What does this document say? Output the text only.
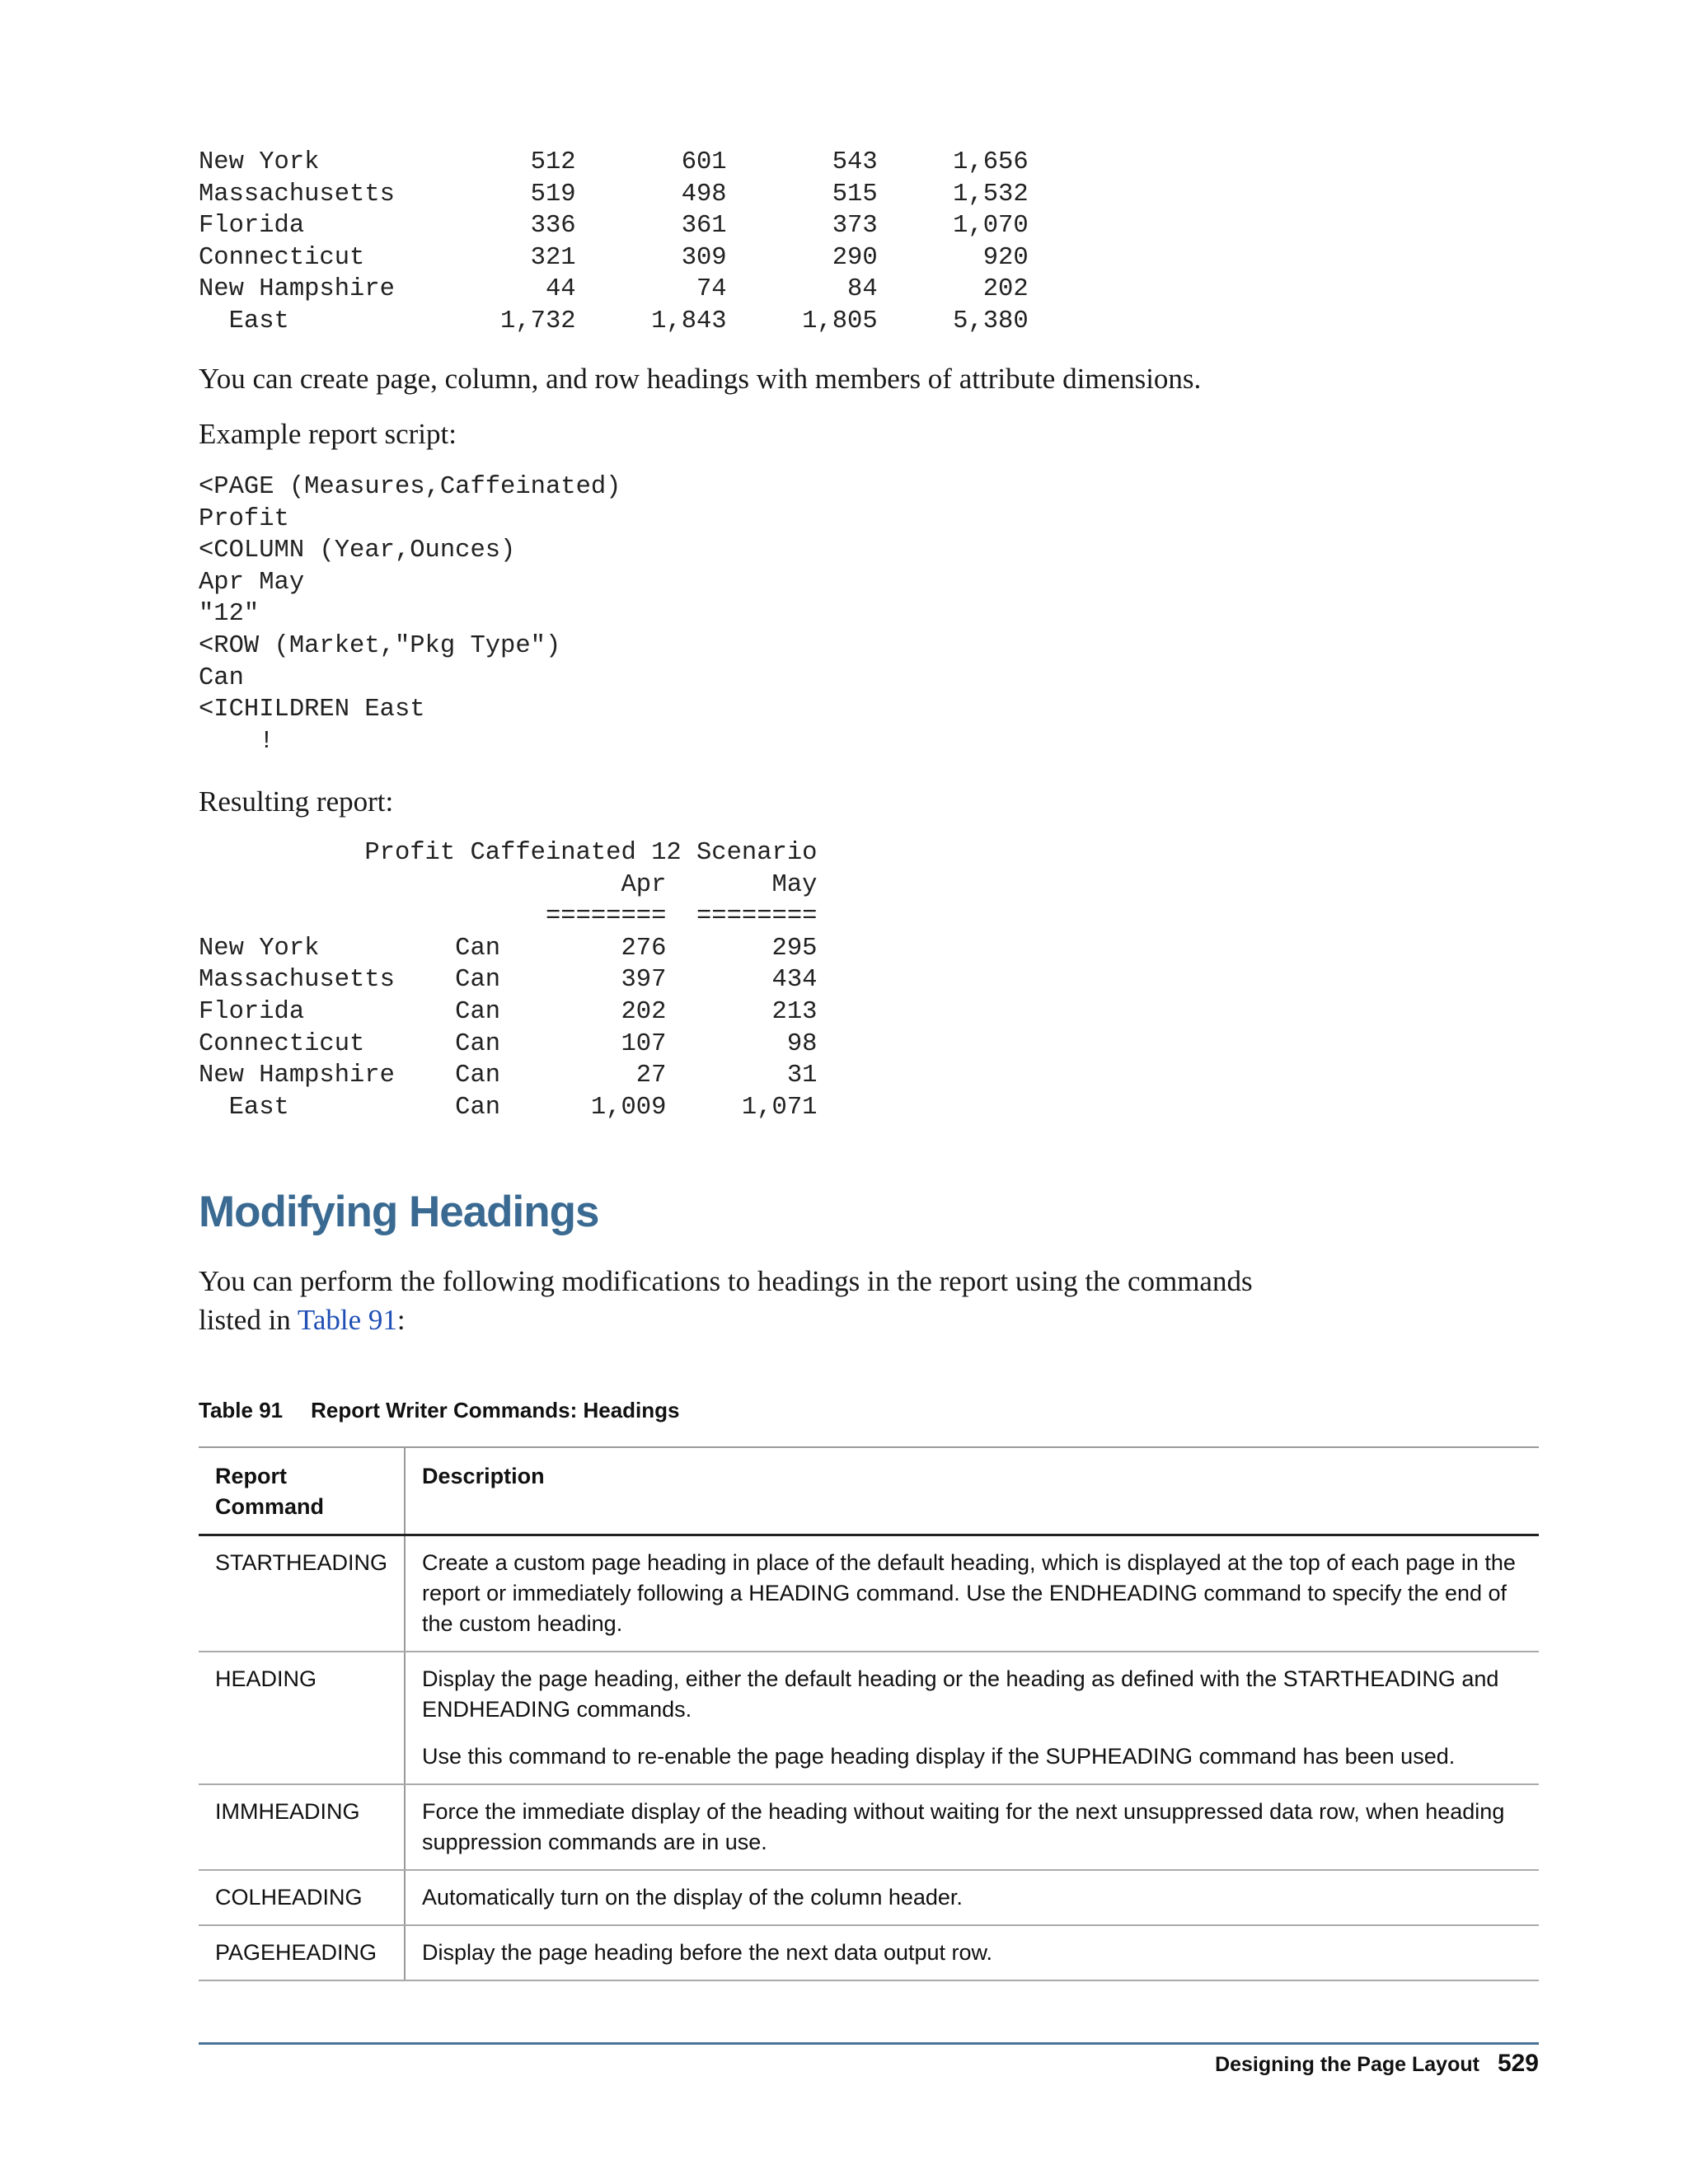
New York              512       601       543     1,656
Massachusetts         519       498       515     1,532
Florida               336       361       373     1,070
Connecticut           321       309       290       920
New Hampshire          44        74        84       202
East              1,732     1,843     1,805     5,380

You can create page, column, and row headings with members of attribute dimensions.

Example report script:

<PAGE (Measures,Caffeinated)
Profit
<COLUMN (Year,Ounces)
Apr May
"12"
<ROW (Market,"Pkg Type")
Can
<ICHILDREN East
!

Resulting report:

Profit Caffeinated 12 Scenario
Apr       May
========  ========
New York         Can        276       295
Massachusetts    Can        397       434
Florida          Can        202       213
Connecticut      Can        107        98
New Hampshire    Can         27        31
East           Can      1,009     1,071
Modifying Headings

You can perform the following modifications to headings in the report using the commands
listed in Table 91:

Table 91 Report Writer Commands: Headings
Report Command	Description
STARTHEADING	Create a custom page heading in place of the default heading, which is displayed at the top of each page in the report or immediately following a HEADING command. Use the ENDHEADING command to specify the end of the custom heading.

HEADING	Display the page heading, either the default heading or the heading as defined with the STARTHEADING and ENDHEADING commands.

Use this command to re-enable the page heading display if the SUPHEADING command has been used.

IMMHEADING	Force the immediate display of the heading without waiting for the next unsuppressed data row, when heading suppression commands are in use.

COLHEADING	Automatically turn on the display of the column header.

PAGEHEADING	Display the page heading before the next data output row.

Designing the Page Layout 529
